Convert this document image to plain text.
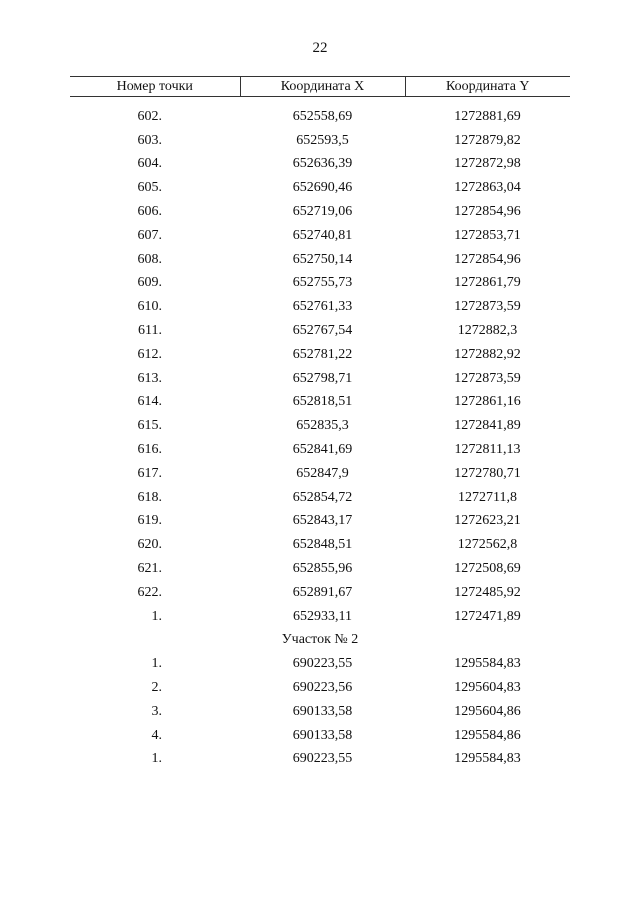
22
Номер точки	Координата X	Координата Y

602.	652558,69	1272881,69
603.	652593,5	1272879,82
604.	652636,39	1272872,98
605.	652690,46	1272863,04
606.	652719,06	1272854,96
607.	652740,81	1272853,71
608.	652750,14	1272854,96
609.	652755,73	1272861,79
610.	652761,33	1272873,59
611.	652767,54	1272882,3
612.	652781,22	1272882,92
613.	652798,71	1272873,59
614.	652818,51	1272861,16
615.	652835,3	1272841,89
616.	652841,69	1272811,13
617.	652847,9	1272780,71
618.	652854,72	1272711,8
619.	652843,17	1272623,21
620.	652848,51	1272562,8
621.	652855,96	1272508,69
622.	652891,67	1272485,92
1.	652933,11	1272471,89
Участок № 2		
1.	690223,55	1295584,83
2.	690223,56	1295604,83
3.	690133,58	1295604,86
4.	690133,58	1295584,86
1.	690223,55	1295584,83
